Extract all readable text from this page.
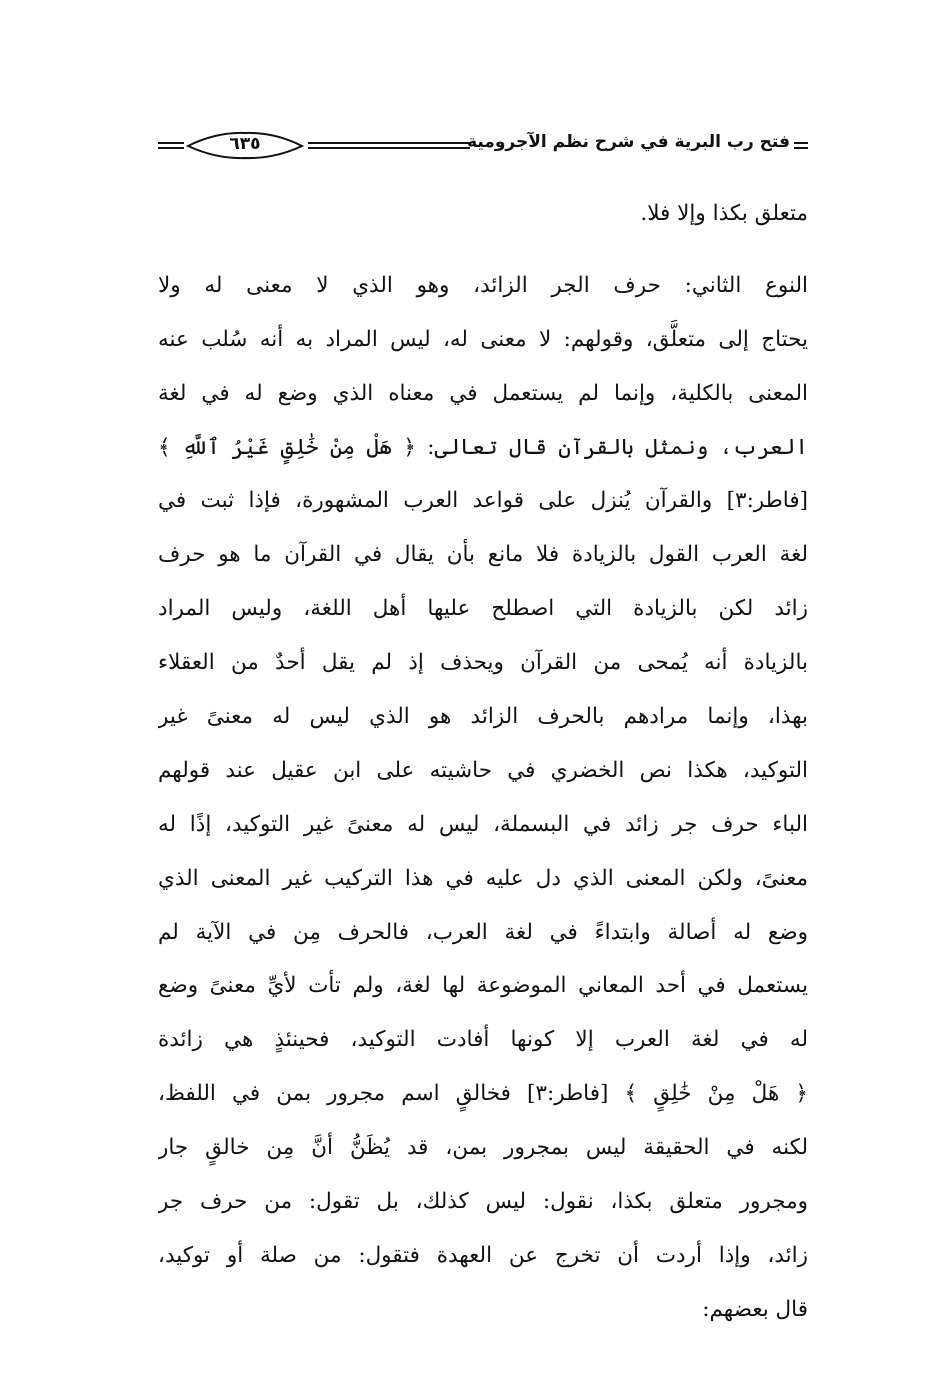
٦٣٥	فتح رب البرية في شرح نظم الآجرومية
متعلق بكذا وإلا فلا.
النوع الثاني: حرف الجر الزائد، وهو الذي لا معنى له ولا
يحتاج إلى متعلَّق، وقولهم: لا معنى له، ليس المراد به أنه سُلب عنه
المعنى بالكلية، وإنما لم يستعمل في معناه الذي وضع له في لغة
العرب، ونمثل بالقرآن قال تعالى: ﴿ هَلْ مِنْ خَٰلِقٍ غَيْرُ ٱللَّهِ ﴾
[فاطر:٣] والقرآن يُنزل على قواعد العرب المشهورة، فإذا ثبت في
لغة العرب القول بالزيادة فلا مانع بأن يقال في القرآن ما هو حرف
زائد لكن بالزيادة التي اصطلح عليها أهل اللغة، وليس المراد
بالزيادة أنه يُمحى من القرآن ويحذف إذ لم يقل أحدٌ من العقلاء
بهذا، وإنما مرادهم بالحرف الزائد هو الذي ليس له معنىً غير
التوكيد، هكذا نص الخضري في حاشيته على ابن عقيل عند قولهم
الباء حرف جر زائد في البسملة، ليس له معنىً غير التوكيد، إذًا له
معنىً، ولكن المعنى الذي دل عليه في هذا التركيب غير المعنى الذي
وضع له أصالة وابتداءً في لغة العرب، فالحرف مِن في الآية لم
يستعمل في أحد المعاني الموضوعة لها لغة، ولم تأت لأيِّ معنىً وضع
له في لغة العرب إلا كونها أفادت التوكيد، فحينئذٍ هي زائدة
﴿ هَلْ مِنْ خَٰلِقٍ ﴾ [فاطر:٣] فخالقٍ اسم مجرور بمن في اللفظ،
لكنه في الحقيقة ليس بمجرور بمن، قد يُظَنُّ أنَّ مِن خالقٍ جار
ومجرور متعلق بكذا، نقول: ليس كذلك، بل تقول: من حرف جر
زائد، وإذا أردت أن تخرج عن العهدة فتقول: من صلة أو توكيد،
قال بعضهم:
